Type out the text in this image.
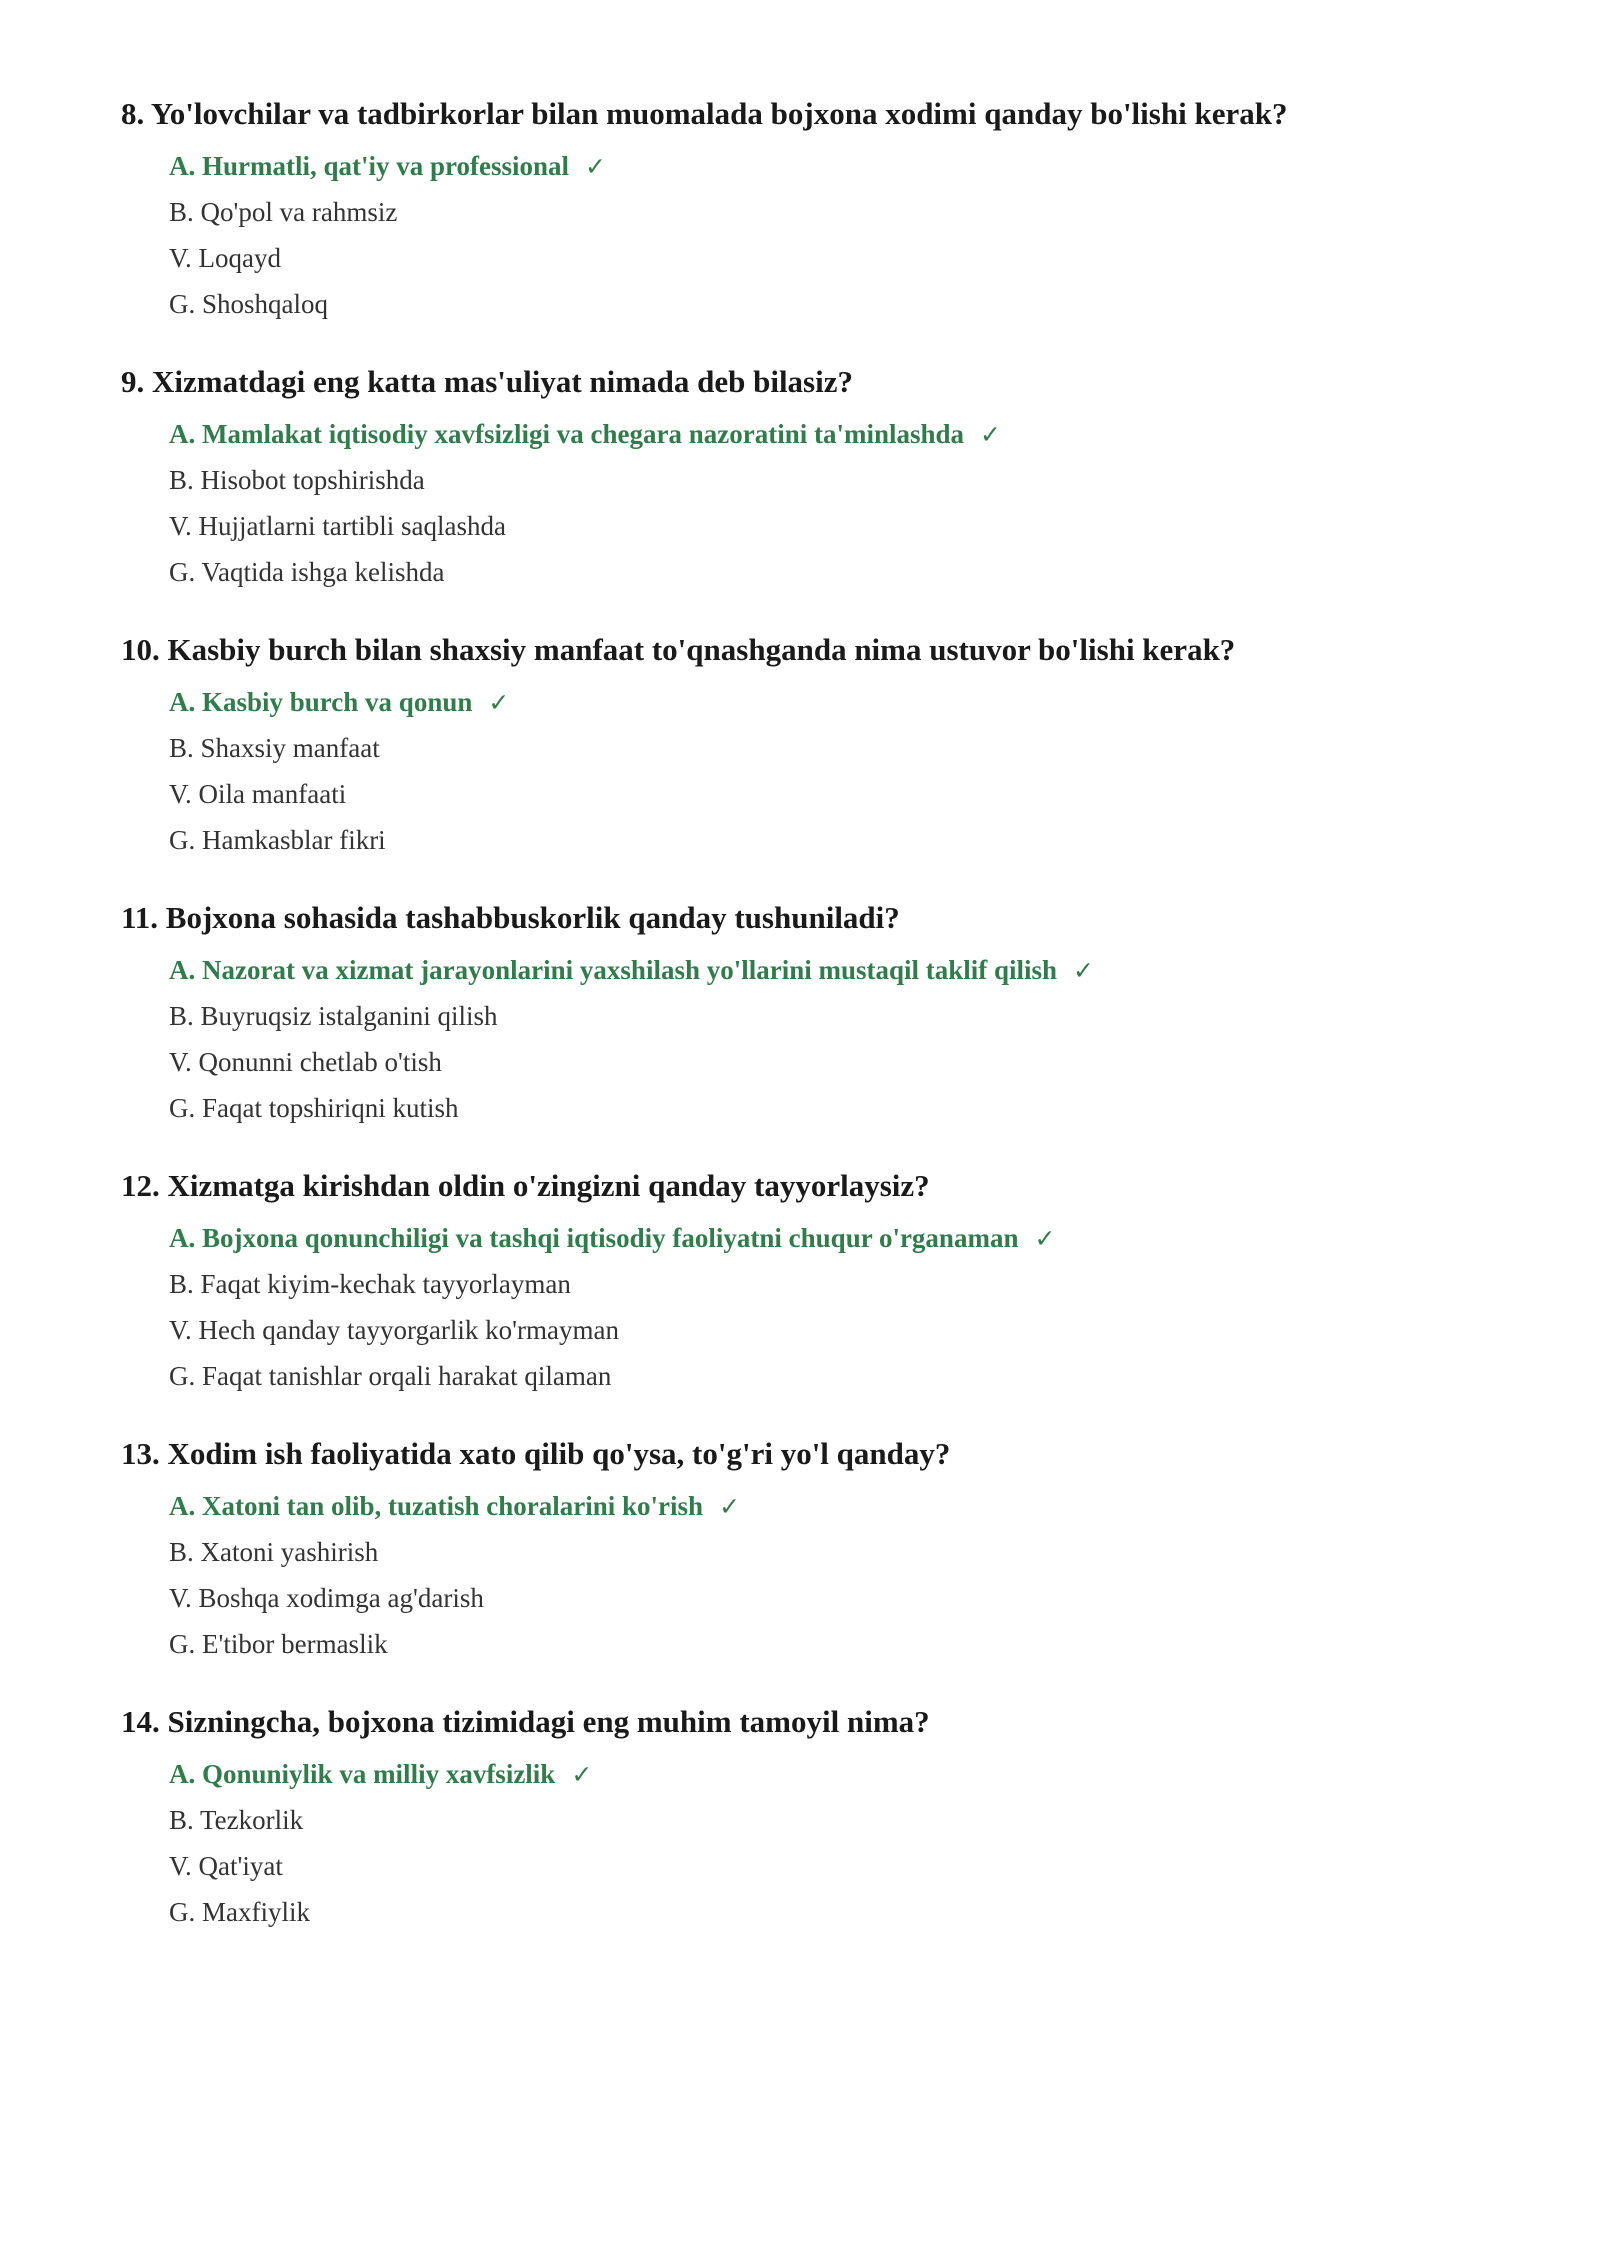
8. Yo'lovchilar va tadbirkorlar bilan muomalada bojxona xodimi qanday bo'lishi kerak?

A. Hurmatli, qat'iy va professional ✓
B. Qo'pol va rahmsiz
V. Loqayd
G. Shoshqaloq

9. Xizmatdagi eng katta mas'uliyat nimada deb bilasiz?

A. Mamlakat iqtisodiy xavfsizligi va chegara nazoratini ta'minlashda ✓
B. Hisobot topshirishda
V. Hujjatlarni tartibli saqlashda
G. Vaqtida ishga kelishda

10. Kasbiy burch bilan shaxsiy manfaat to'qnashganda nima ustuvor bo'lishi kerak?

A. Kasbiy burch va qonun ✓
B. Shaxsiy manfaat
V. Oila manfaati
G. Hamkasblar fikri

11. Bojxona sohasida tashabbuskorlik qanday tushuniladi?

A. Nazorat va xizmat jarayonlarini yaxshilash yo'llarini mustaqil taklif qilish ✓
B. Buyruqsiz istalganini qilish
V. Qonunni chetlab o'tish
G. Faqat topshiriqni kutish

12. Xizmatga kirishdan oldin o'zingizni qanday tayyorlaysiz?

A. Bojxona qonunchiligi va tashqi iqtisodiy faoliyatni chuqur o'rganaman ✓
B. Faqat kiyim-kechak tayyorlayman
V. Hech qanday tayyorgarlik ko'rmayman
G. Faqat tanishlar orqali harakat qilaman

13. Xodim ish faoliyatida xato qilib qo'ysa, to'g'ri yo'l qanday?

A. Xatoni tan olib, tuzatish choralarini ko'rish ✓
B. Xatoni yashirish
V. Boshqa xodimga ag'darish
G. E'tibor bermaslik

14. Sizningcha, bojxona tizimidagi eng muhim tamoyil nima?

A. Qonuniylik va milliy xavfsizlik ✓
B. Tezkorlik
V. Qat'iyat
G. Maxfiylik
